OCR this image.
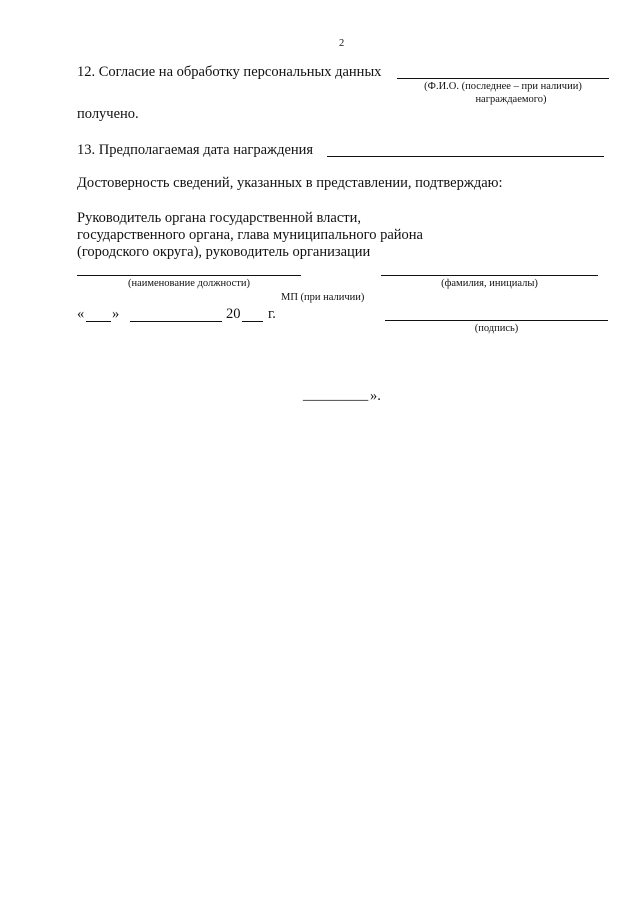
2
12. Согласие на обработку персональных данных
(Ф.И.О. (последнее – при наличии)
награждаемого)
получено.
13. Предполагаемая дата награждения
Достоверность сведений, указанных в представлении, подтверждаю:
Руководитель органа государственной власти,
государственного органа, глава муниципального района
(городского округа), руководитель организации
(наименование должности)	(фамилия, инициалы)
МП (при наличии)
« »	20 г.
(подпись)
_________ ».
